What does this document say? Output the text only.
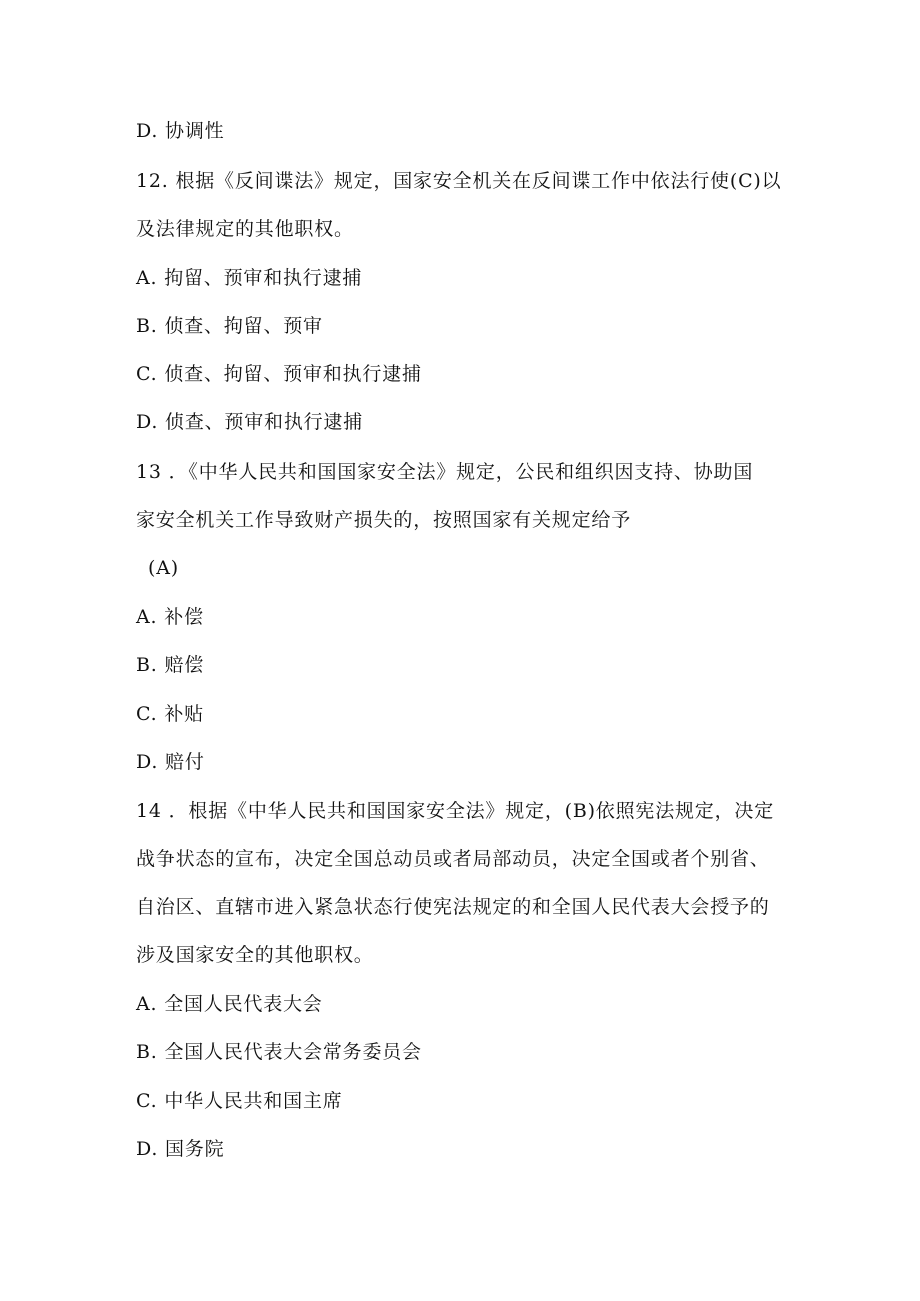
D. 协调性
12. 根据《反间谍法》规定，国家安全机关在反间谍工作中依法行使(C)以
及法律规定的其他职权。
A. 拘留、预审和执行逮捕
B. 侦查、拘留、预审
C. 侦查、拘留、预审和执行逮捕
D. 侦查、预审和执行逮捕
13 ．《中华人民共和国国家安全法》规定，公民和组织因支持、协助国
家安全机关工作导致财产损失的，按照国家有关规定给予
(A)
A. 补偿
B. 赔偿
C. 补贴
D. 赔付
14 ．根据《中华人民共和国国家安全法》规定，(B)依照宪法规定，决定
战争状态的宣布，决定全国总动员或者局部动员，决定全国或者个别省、
自治区、直辖市进入紧急状态行使宪法规定的和全国人民代表大会授予的
涉及国家安全的其他职权。
A. 全国人民代表大会
B. 全国人民代表大会常务委员会
C. 中华人民共和国主席
D. 国务院
